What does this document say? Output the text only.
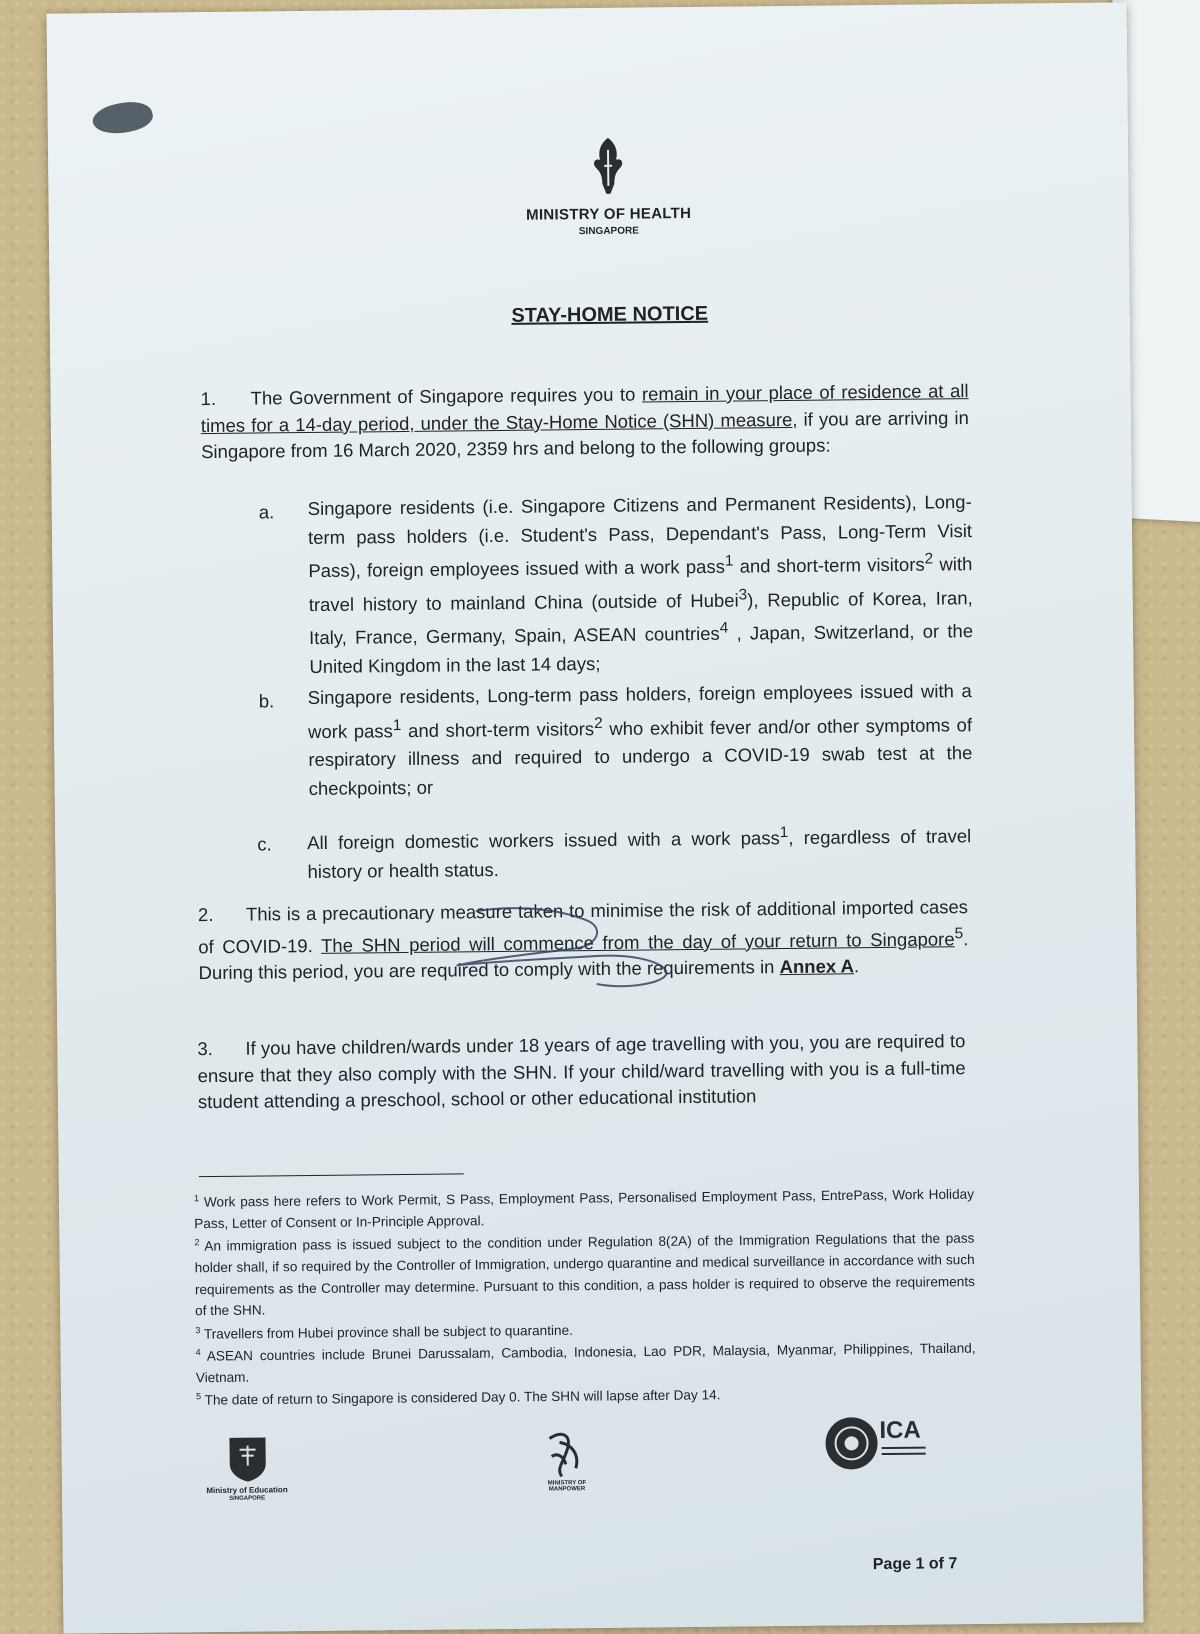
MINISTRY OF HEALTH
SINGAPORE
STAY-HOME NOTICE

1. The Government of Singapore requires you to remain in your place of residence at all times for a 14-day period, under the Stay-Home Notice (SHN) measure, if you are arriving in Singapore from 16 March 2020, 2359 hrs and belong to the following groups:

a. Singapore residents (i.e. Singapore Citizens and Permanent Residents), Long-term pass holders (i.e. Student's Pass, Dependant's Pass, Long-Term Visit Pass), foreign employees issued with a work pass$^1$ and short-term visitors$^2$ with travel history to mainland China (outside of Hubei$^3$), Republic of Korea, Iran, Italy, France, Germany, Spain, ASEAN countries$^4$ , Japan, Switzerland, or the United Kingdom in the last 14 days;

b. Singapore residents, Long-term pass holders, foreign employees issued with a work pass$^1$ and short-term visitors$^2$ who exhibit fever and/or other symptoms of respiratory illness and required to undergo a COVID-19 swab test at the checkpoints; or

c. All foreign domestic workers issued with a work pass$^1$, regardless of travel history or health status.

2. This is a precautionary measure taken to minimise the risk of additional imported cases of COVID-19. The SHN period will commence from the day of your return to Singapore$^5$. During this period, you are required to comply with the requirements in Annex A.

3. If you have children/wards under 18 years of age travelling with you, you are required to ensure that they also comply with the SHN. If your child/ward travelling with you is a full-time student attending a preschool, school or other educational institution

$^1$ Work pass here refers to Work Permit, S Pass, Employment Pass, Personalised Employment Pass, EntrePass, Work Holiday Pass, Letter of Consent or In-Principle Approval.

$^2$ An immigration pass is issued subject to the condition under Regulation 8(2A) of the Immigration Regulations that the pass holder shall, if so required by the Controller of Immigration, undergo quarantine and medical surveillance in accordance with such requirements as the Controller may determine. Pursuant to this condition, a pass holder is required to observe the requirements of the SHN.

$^3$ Travellers from Hubei province shall be subject to quarantine.

$^4$ ASEAN countries include Brunei Darussalam, Cambodia, Indonesia, Lao PDR, Malaysia, Myanmar, Philippines, Thailand, Vietnam.

$^5$ The date of return to Singapore is considered Day 0. The SHN will lapse after Day 14.

Ministry of Education
SINGAPORE
MINISTRY OF MANPOWER
ICA
Page 1 of 7
